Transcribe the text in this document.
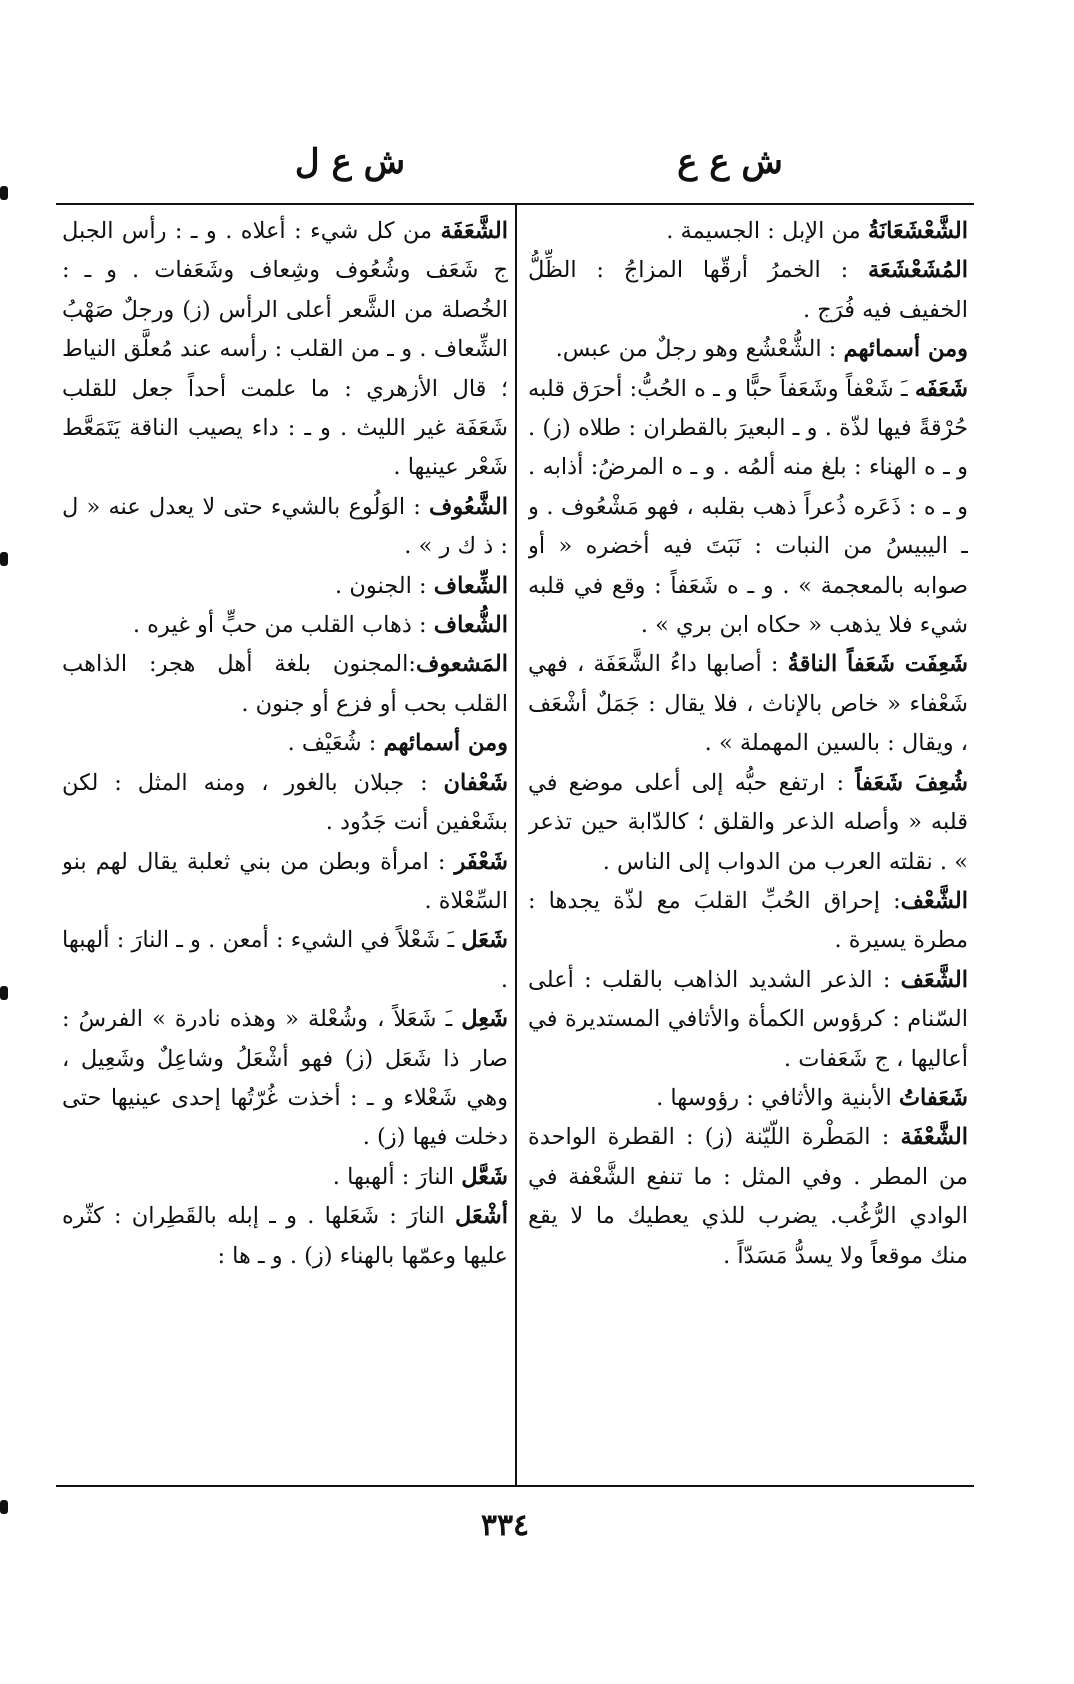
ش ع ل	ش ع ع

الشَّعْشَعَانَةُ من الإبل : الجسيمة .

المُشَعْشَعَة : الخمرُ أرقّها المزاجُ : الظِّلُّ الخفيف فيه فُرَج .

ومن أسمائهم : الشُّعْشُع وهو رجلٌ من عبس.

شَعَفَه ـَ شَعْفاً وشَعَفاً حبًّا و ـ ه الحُبُّ: أحرَق قلبه حُرْقةً فيها لذّة . و ـ البعيرَ بالقطران : طلاه (ز) . و ـ ه الهناء : بلغ منه ألمُه . و ـ ه المرضُ: أذابه . و ـ ه : ذَعَره ذُعراً ذهب بقلبه ، فهو مَشْعُوف . و ـ اليبيسُ من النبات : نَبَتَ فيه أخضره « أو صوابه بالمعجمة » . و ـ ه شَعَفاً : وقع في قلبه شيء فلا يذهب « حكاه ابن بري » .

شَعِفَت شَعَفاً الناقةُ : أصابها داءُ الشَّعَفَة ، فهي شَعْفاء « خاص بالإناث ، فلا يقال : جَمَلٌ أشْعَف ، ويقال : بالسين المهملة » .

شُعِفَ شَعَفاً : ارتفع حبُّه إلى أعلى موضع في قلبه « وأصله الذعر والقلق ؛ كالدّابة حين تذعر » . نقلته العرب من الدواب إلى الناس .

الشَّعْف: إحراق الحُبِّ القلبَ مع لذّة يجدها : مطرة يسيرة .

الشَّعَف : الذعر الشديد الذاهب بالقلب : أعلى السّنام : كرؤوس الكمأة والأثافي المستديرة في أعاليها ، ج شَعَفات .

شَعَفاتُ الأبنية والأثافي : رؤوسها .

الشَّعْفَة : المَطْرة اللّيّنة (ز) : القطرة الواحدة من المطر . وفي المثل : ما تنفع الشَّعْفة في الوادي الرُّغُب. يضرب للذي يعطيك ما لا يقع منك موقعاً ولا يسدُّ مَسَدّاً .

الشَّعَفَة من كل شيء : أعلاه . و ـ : رأس الجبل ج شَعَف وشُعُوف وشِعاف وشَعَفات . و ـ : الخُصلة من الشَّعر أعلى الرأس (ز) ورجلٌ صَهْبُ الشِّعاف . و ـ من القلب : رأسه عند مُعلَّق النياط ؛ قال الأزهري : ما علمت أحداً جعل للقلب شَعَفَة غير الليث . و ـ : داء يصيب الناقة يَتَمَعَّط شَعْر عينيها .

الشَّعُوف : الوَلُوع بالشيء حتى لا يعدل عنه « ل : ذ ك ر » .

الشِّعاف : الجنون .

الشُّعاف : ذهاب القلب من حبٍّ أو غيره .

المَشعوف:المجنون بلغة أهل هجر: الذاهب القلب بحب أو فزع أو جنون .

ومن أسمائهم : شُعَيْف .

شَعْفان : جبلان بالغور ، ومنه المثل : لكن بشَعْفين أنت جَدُود .

شَعْفَر : امرأة وبطن من بني ثعلبة يقال لهم بنو السِّعْلاة .

شَعَل ـَ شَعْلاً في الشيء : أمعن . و ـ النارَ : ألهبها .

شَعِل ـَ شَعَلاً ، وشُعْلة « وهذه نادرة » الفرسُ : صار ذا شَعَل (ز) فهو أشْعَلُ وشاعِلٌ وشَعِيل ، وهي شَعْلاء و ـ : أخذت غُرّتُها إحدى عينيها حتى دخلت فيها (ز) .

شَعَّل النارَ : ألهبها .

أشْعَل النارَ : شَعَلها . و ـ إبله بالقَطِران : كثّره عليها وعمّها بالهناء (ز) . و ـ ها :

٣٣٤
